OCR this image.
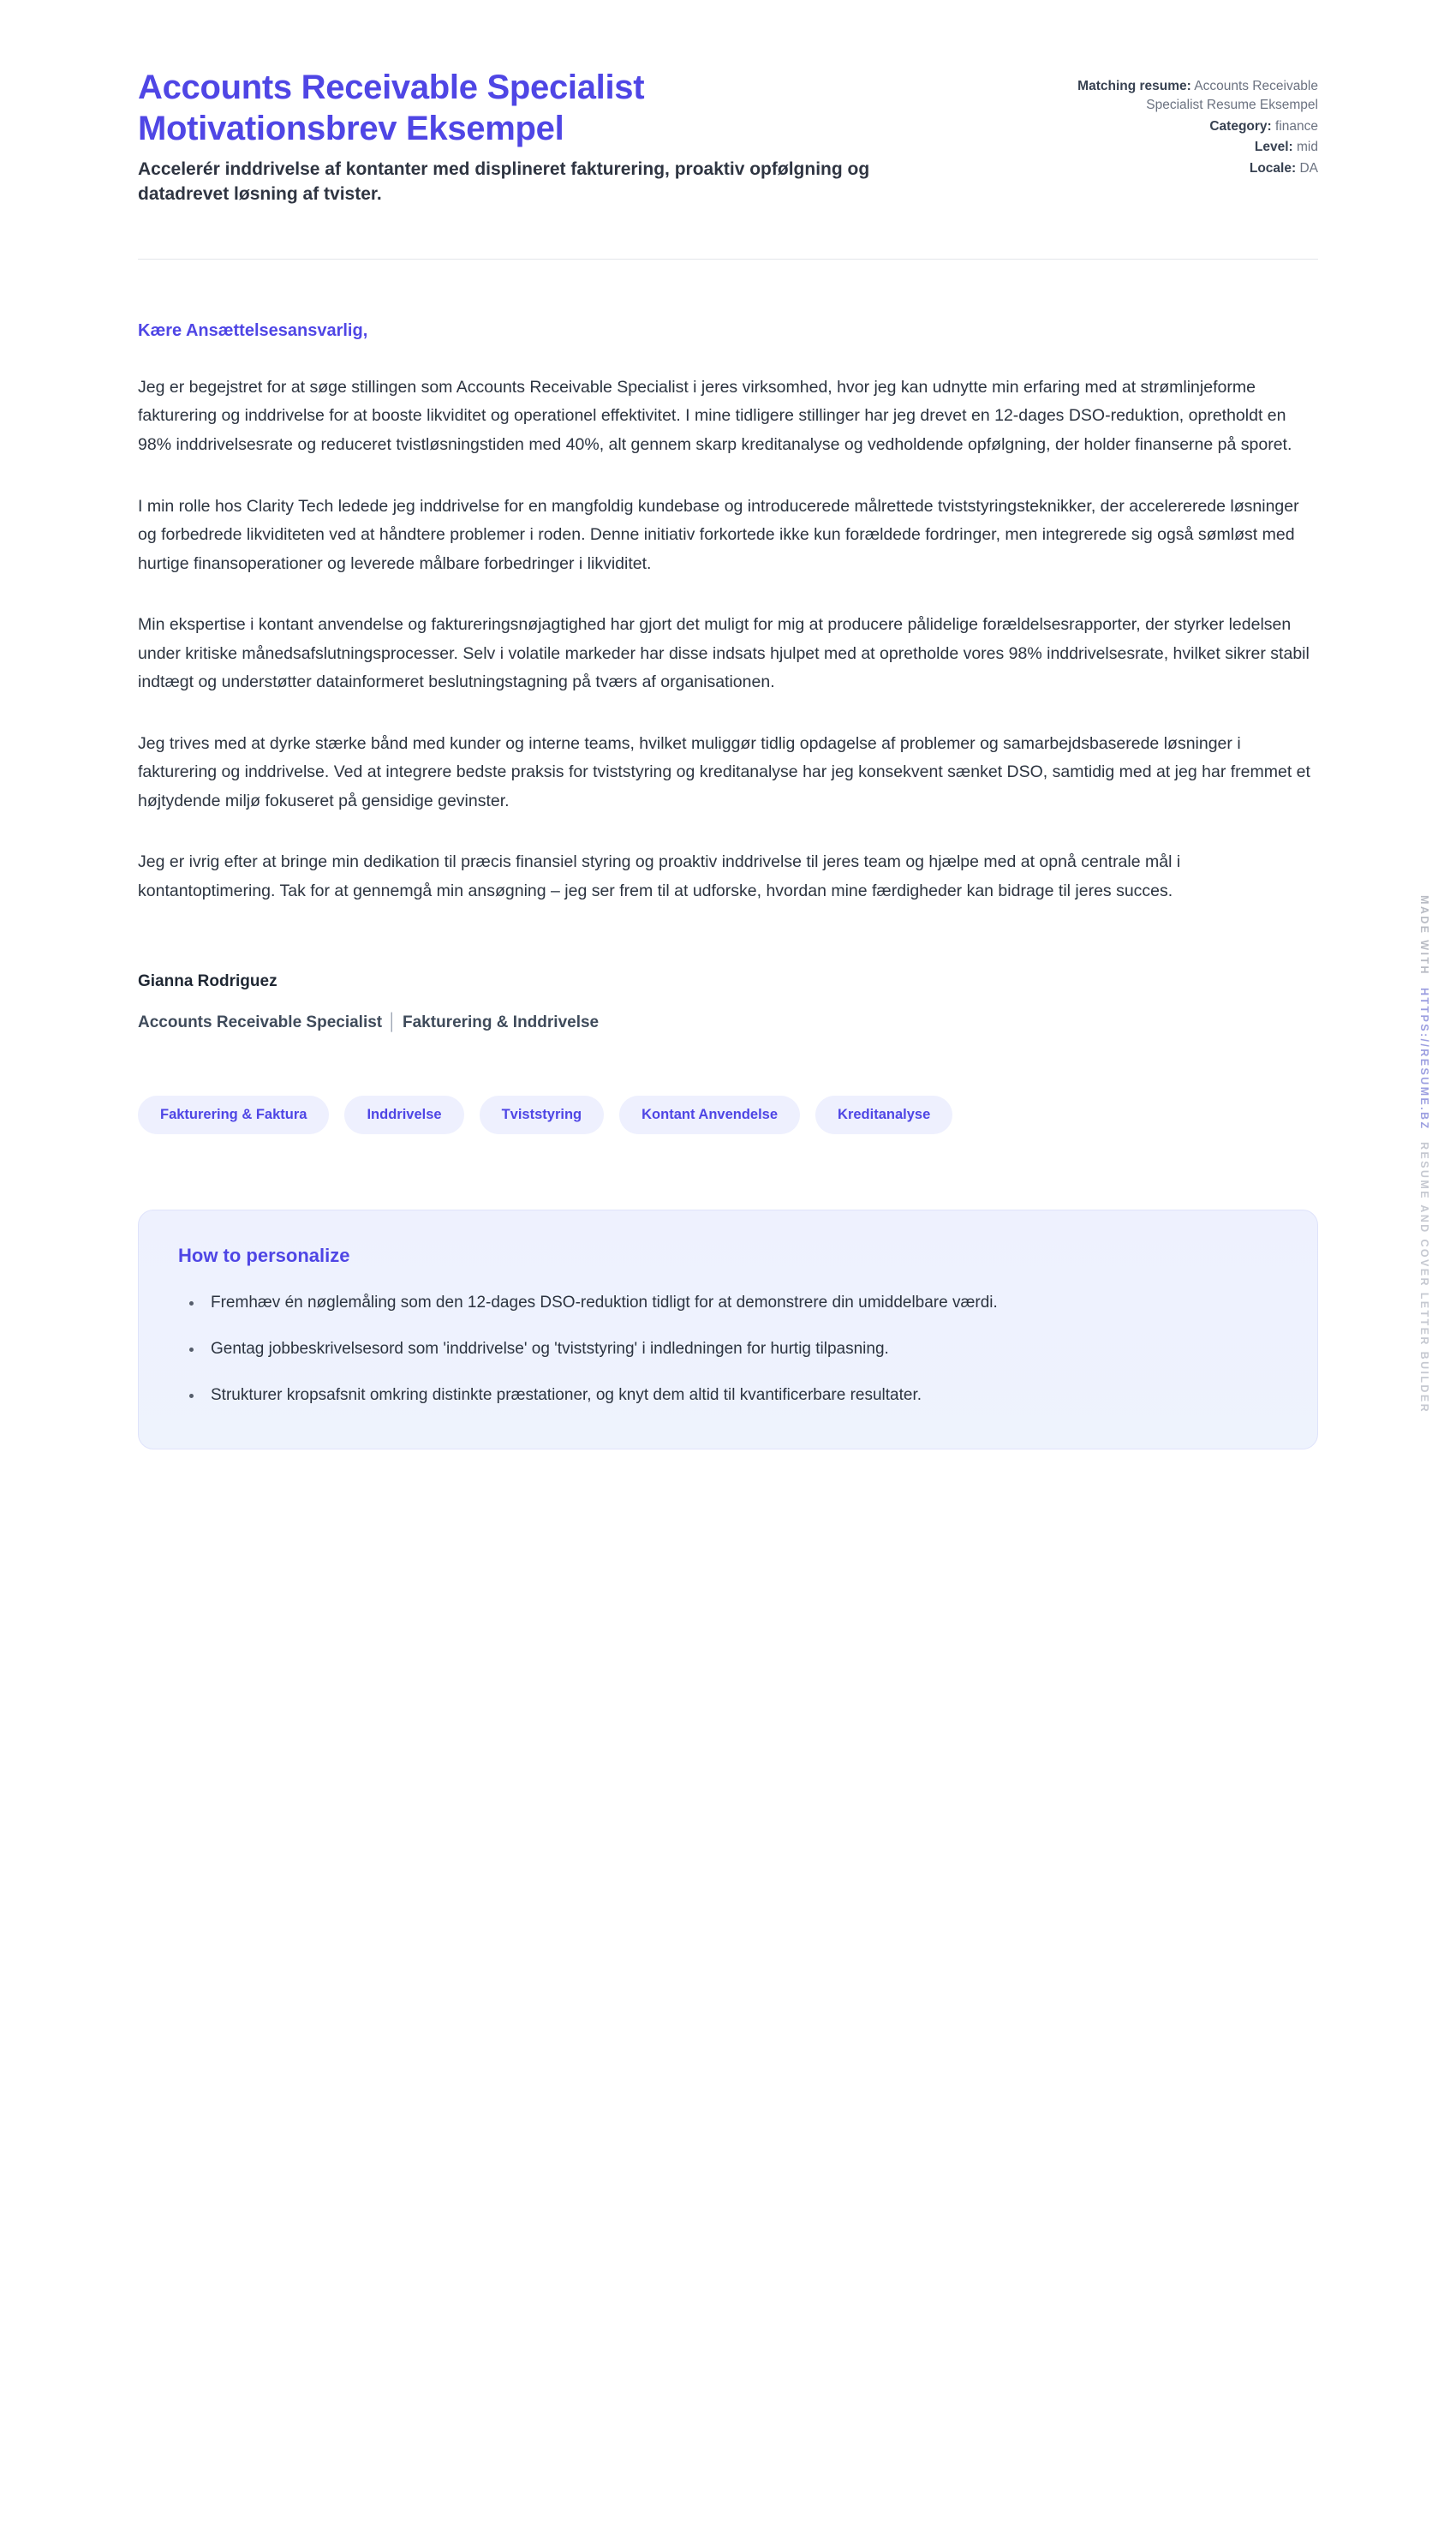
Accounts Receivable Specialist Motivationsbrev Eksempel

Accelerér inddrivelse af kontanter med displineret fakturering, proaktiv opfølgning og datadrevet løsning af tvister.

Matching resume: Accounts Receivable Specialist Resume Eksempel
Category: finance
Level: mid
Locale: DA

Kære Ansættelsesansvarlig,

Jeg er begejstret for at søge stillingen som Accounts Receivable Specialist i jeres virksomhed, hvor jeg kan udnytte min erfaring med at strømlinjeforme fakturering og inddrivelse for at booste likviditet og operationel effektivitet. I mine tidligere stillinger har jeg drevet en 12-dages DSO-reduktion, opretholdt en 98% inddrivelsesrate og reduceret tvistløsningstiden med 40%, alt gennem skarp kreditanalyse og vedholdende opfølgning, der holder finanserne på sporet.

I min rolle hos Clarity Tech ledede jeg inddrivelse for en mangfoldig kundebase og introducerede målrettede tviststyringsteknikker, der accelererede løsninger og forbedrede likviditeten ved at håndtere problemer i roden. Denne initiativ forkortede ikke kun forældede fordringer, men integrerede sig også sømløst med hurtige finansoperationer og leverede målbare forbedringer i likviditet.

Min ekspertise i kontant anvendelse og faktureringsnøjagtighed har gjort det muligt for mig at producere pålidelige forældelsesrapporter, der styrker ledelsen under kritiske månedsafslutningsprocesser. Selv i volatile markeder har disse indsats hjulpet med at opretholde vores 98% inddrivelsesrate, hvilket sikrer stabil indtægt og understøtter datainformeret beslutningstagning på tværs af organisationen.

Jeg trives med at dyrke stærke bånd med kunder og interne teams, hvilket muliggør tidlig opdagelse af problemer og samarbejdsbaserede løsninger i fakturering og inddrivelse. Ved at integrere bedste praksis for tviststyring og kreditanalyse har jeg konsekvent sænket DSO, samtidig med at jeg har fremmet et højtydende miljø fokuseret på gensidige gevinster.

Jeg er ivrig efter at bringe min dedikation til præcis finansiel styring og proaktiv inddrivelse til jeres team og hjælpe med at opnå centrale mål i kontantoptimering. Tak for at gennemgå min ansøgning – jeg ser frem til at udforske, hvordan mine færdigheder kan bidrage til jeres succes.

Gianna Rodriguez

Accounts Receivable Specialist │ Fakturering & Inddrivelse

Fakturering & Faktura	Inddrivelse	Tviststyring	Kontant Anvendelse	Kreditanalyse
How to personalize
• Fremhæv én nøglemåling som den 12-dages DSO-reduktion tidligt for at demonstrere din umiddelbare værdi.
• Gentag jobbeskrivelsesord som 'inddrivelse' og 'tviststyring' i indledningen for hurtig tilpasning.
• Strukturer kropsafsnit omkring distinkte præstationer, og knyt dem altid til kvantificerbare resultater.
MADE WITH
HTTPS://RESUME.BZ
RESUME AND COVER LETTER BUILDER
